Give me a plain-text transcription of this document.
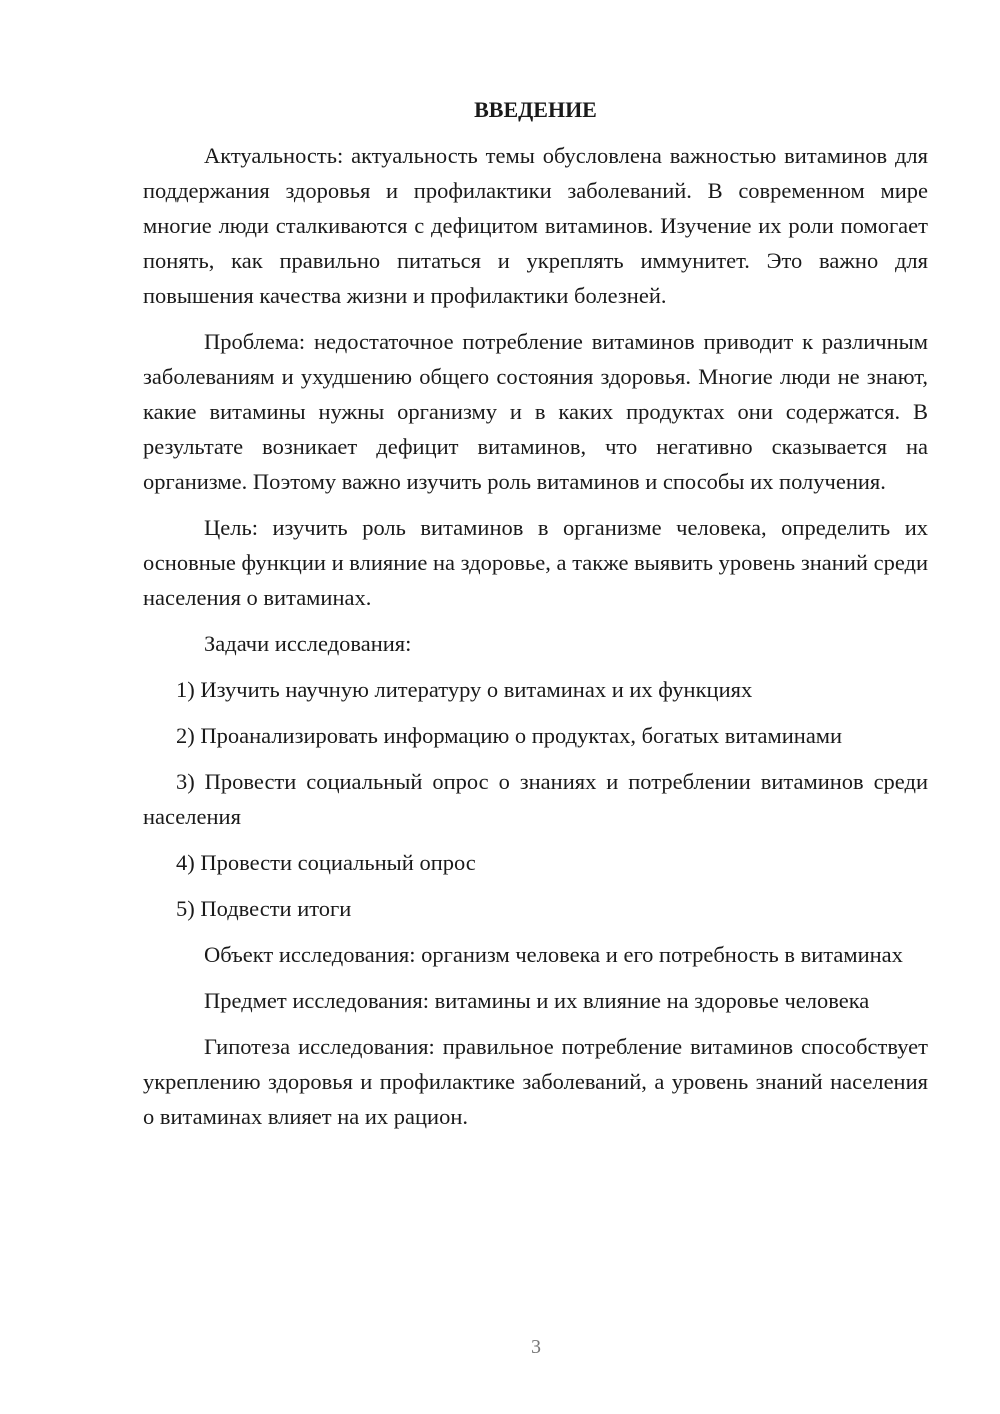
ВВЕДЕНИЕ

Актуальность: актуальность темы обусловлена важностью витаминов для поддержания здоровья и профилактики заболеваний. В современном мире многие люди сталкиваются с дефицитом витаминов. Изучение их роли помогает понять, как правильно питаться и укреплять иммунитет. Это важно для повышения качества жизни и профилактики болезней.

Проблема: недостаточное потребление витаминов приводит к различным заболеваниям и ухудшению общего состояния здоровья. Многие люди не знают, какие витамины нужны организму и в каких продуктах они содержатся. В результате возникает дефицит витаминов, что негативно сказывается на организме. Поэтому важно изучить роль витаминов и способы их получения.

Цель: изучить роль витаминов в организме человека, определить их основные функции и влияние на здоровье, а также выявить уровень знаний среди населения о витаминах.

Задачи исследования:

1) Изучить научную литературу о витаминах и их функциях

2) Проанализировать информацию о продуктах, богатых витаминами

3) Провести социальный опрос о знаниях и потреблении витаминов среди населения

4) Провести социальный опрос

5) Подвести итоги

Объект исследования: организм человека и его потребность в витаминах

Предмет исследования: витамины и их влияние на здоровье человека

Гипотеза исследования: правильное потребление витаминов способствует укреплению здоровья и профилактике заболеваний, а уровень знаний населения о витаминах влияет на их рацион.

3
